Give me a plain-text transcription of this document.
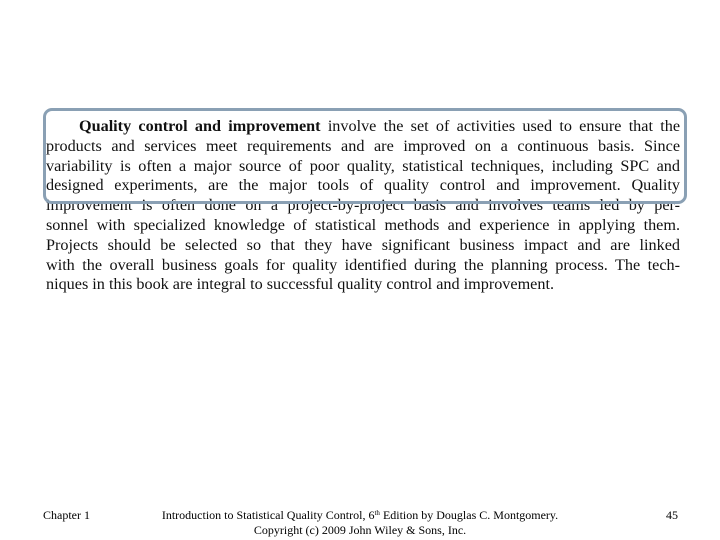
Quality control and improvement involve the set of activities used to ensure that the
products and services meet requirements and are improved on a continuous basis. Since
variability is often a major source of poor quality, statistical techniques, including SPC and
designed experiments, are the major tools of quality control and improvement. Quality
improvement is often done on a project-by-project basis and involves teams led by per-
sonnel with specialized knowledge of statistical methods and experience in applying them.
Projects should be selected so that they have significant business impact and are linked
with the overall business goals for quality identified during the planning process. The tech-
niques in this book are integral to successful quality control and improvement.
Chapter 1	Introduction to Statistical Quality Control, 6th Edition by Douglas C. Montgomery.
Copyright (c) 2009 John Wiley & Sons, Inc.
45
